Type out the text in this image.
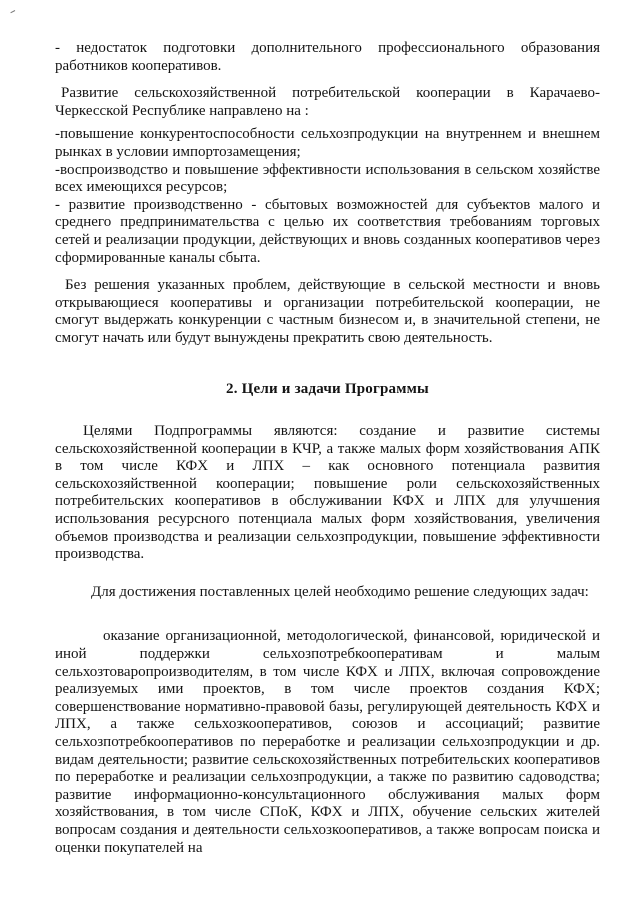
- недостаток подготовки дополнительного профессионального образования работников кооперативов.

Развитие сельскохозяйственной потребительской кооперации в Карачаево-Черкесской Республике направлено на :

-повышение конкурентоспособности сельхозпродукции на внутреннем и внешнем рынках в условии импортозамещения;

-воспроизводство и повышение эффективности использования в сельском хозяйстве всех имеющихся ресурсов;

- развитие производственно - сбытовых возможностей для субъектов малого и среднего предпринимательства с целью их соответствия требованиям торговых сетей и реализации продукции, действующих и вновь созданных кооперативов через сформированные каналы сбыта.

Без решения указанных проблем, действующие в сельской местности и вновь открывающиеся кооперативы и организации потребительской кооперации, не смогут выдержать конкуренции с частным бизнесом и, в значительной степени, не смогут начать или будут вынуждены прекратить свою деятельность.

2. Цели и задачи Программы

Целями Подпрограммы являются: создание и развитие системы сельскохозяйственной кооперации в КЧР, а также малых форм хозяйствования АПК в том числе КФХ и ЛПХ – как основного потенциала развития сельскохозяйственной кооперации; повышение роли сельскохозяйственных потребительских кооперативов в обслуживании КФХ и ЛПХ для улучшения использования ресурсного потенциала малых форм хозяйствования, увеличения объемов производства и реализации сельхозпродукции, повышение эффективности производства.

Для достижения поставленных целей необходимо решение следующих задач:

оказание организационной, методологической, финансовой, юридической и иной поддержки сельхозпотребкооперативам и малым сельхозтоваропроизводителям, в том числе КФХ и ЛПХ, включая сопровождение реализуемых ими проектов, в том числе проектов создания КФХ; совершенствование нормативно-правовой базы, регулирующей деятельность КФХ и ЛПХ, а также сельхозкооперативов, союзов и ассоциаций; развитие сельхозпотребкооперативов по переработке и реализации сельхозпродукции и др. видам деятельности; развитие сельскохозяйственных потребительских кооперативов по переработке и реализации сельхозпродукции, а также по развитию садоводства; развитие информационно-консультационного обслуживания малых форм хозяйствования, в том числе СПоК, КФХ и ЛПХ, обучение сельских жителей вопросам создания и деятельности сельхозкооперативов, а также вопросам поиска и оценки покупателей на
